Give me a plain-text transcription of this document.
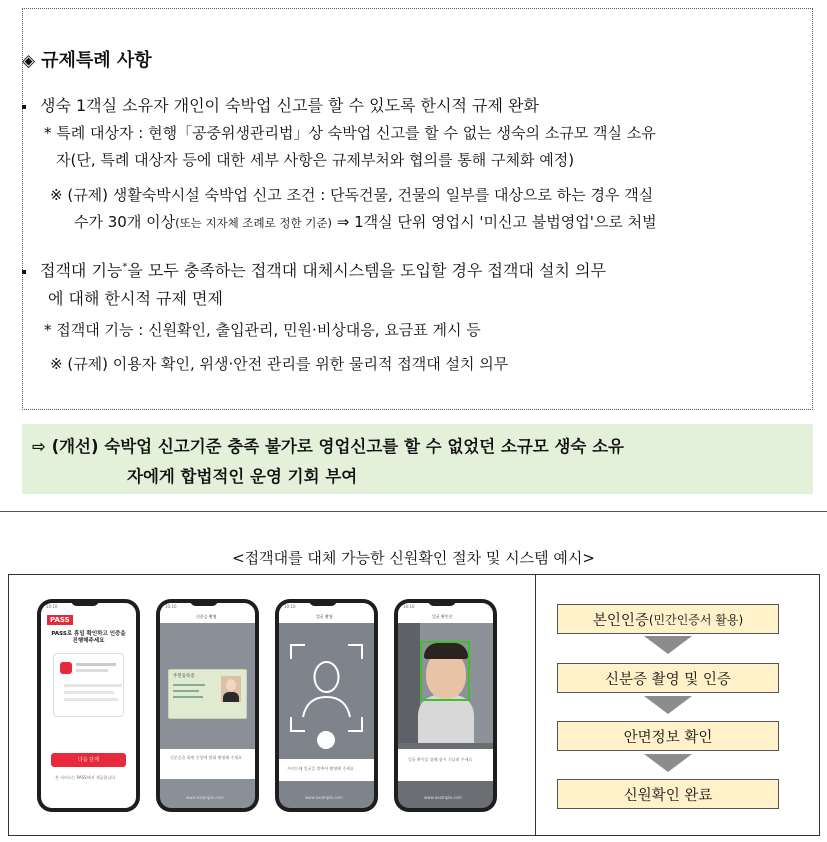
◈ 규제특례 사항
생숙 1객실 소유자 개인이 숙박업 신고를 할 수 있도록 한시적 규제 완화
* 특례 대상자 : 현행「공중위생관리법」상 숙박업 신고를 할 수 없는 생숙의 소규모 객실 소유
자(단, 특례 대상자 등에 대한 세부 사항은 규제부처와 협의를 통해 구체화 예정)
※ (규제) 생활숙박시설 숙박업 신고 조건 : 단독건물, 건물의 일부를 대상으로 하는 경우 객실
수가 30개 이상(또는 지자체 조례로 정한 기준) ⇒ 1객실 단위 영업시 '미신고 불법영업'으로 처벌
접객대 기능*을 모두 충족하는 접객대 대체시스템을 도입할 경우 접객대 설치 의무
에 대해 한시적 규제 면제
* 접객대 기능 : 신원확인, 출입관리, 민원·비상대응, 요금표 게시 등
※ (규제) 이용자 확인, 위생·안전 관리를 위한 물리적 접객대 설치 의무
⇨ (개선) 숙박업 신고기준 충족 불가로 영업신고를 할 수 없었던 소규모 생숙 소유
자에게 합법적인 운영 기회 부여
<접객대를 대체 가능한 신원확인 절차 및 시스템 예시>
10:10
PASS
PASS로 휴일 확인하고 인증을 진행해주세요
다음 단계
본 서비스는 PASS에서 제공합니다
10:10
신분증 촬영
주민등록증
신분증을 화면 중앙에 맞춰 촬영해 주세요
www.example.com
10:10
얼굴 촬영
가이드에 얼굴을 맞추어 촬영해 주세요
www.example.com
10:10
얼굴 확인중
얼굴 확인을 위해 잠시 기다려 주세요
www.example.com
본인인증 (민간인증서 활용)
신분증 촬영 및 인증
안면정보 확인
신원확인 완료
